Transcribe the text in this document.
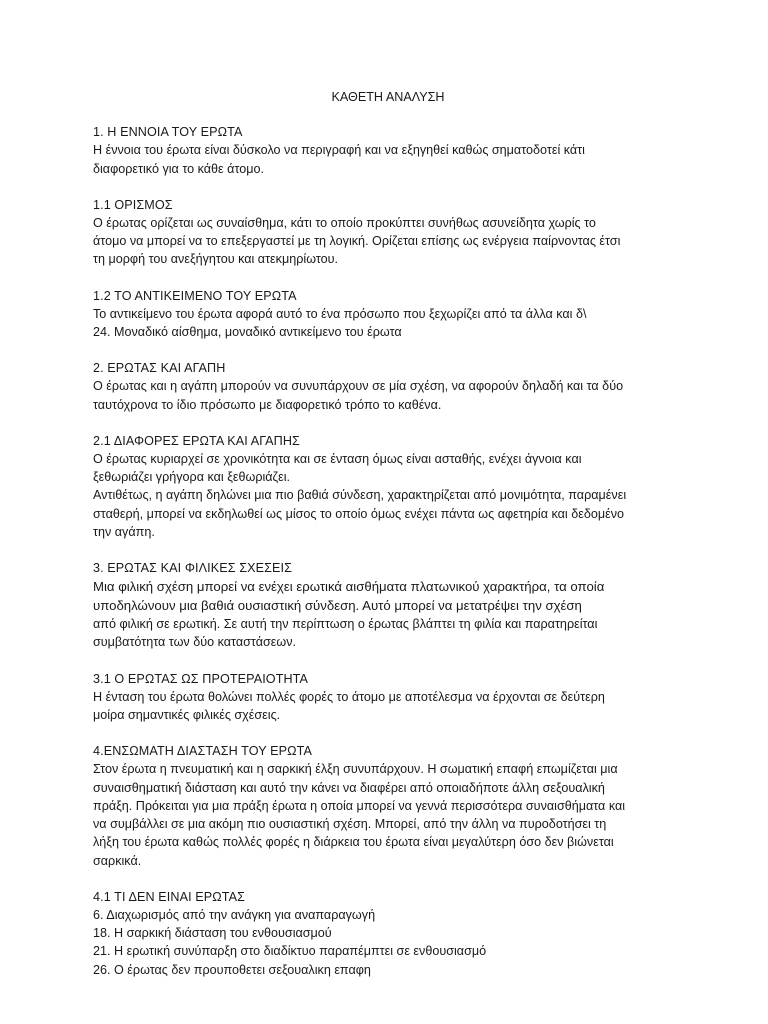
ΚΑΘΕΤΗ ΑΝΑΛΥΣΗ
1. Η ΕΝΝΟΙΑ ΤΟΥ ΕΡΩΤΑ

Η έννοια του έρωτα είναι δύσκολο να περιγραφή και να εξηγηθεί καθώς σηματοδοτεί κάτι
διαφορετικό για το κάθε άτομο.

1.1 ΟΡΙΣΜΟΣ

Ο έρωτας ορίζεται ως συναίσθημα, κάτι το οποίο προκύπτει συνήθως ασυνείδητα χωρίς το
άτομο να μπορεί να το επεξεργαστεί με τη λογική. Ορίζεται επίσης ως ενέργεια παίρνοντας έτσι
τη μορφή του ανεξήγητου και ατεκμηρίωτου.

1.2 ΤΟ ΑΝΤΙΚΕΙΜΕΝΟ ΤΟΥ ΕΡΩΤΑ

Το αντικείμενο του έρωτα αφορά αυτό το ένα πρόσωπο που ξεχωρίζει από τα άλλα και δ\
24. Μοναδικό αίσθημα, μοναδικό αντικείμενο του έρωτα

2. ΕΡΩΤΑΣ ΚΑΙ ΑΓΑΠΗ

Ο έρωτας και η αγάπη μπορούν να συνυπάρχουν σε μία σχέση, να αφορούν δηλαδή και τα δύο
ταυτόχρονα το ίδιο πρόσωπο με διαφορετικό τρόπο το καθένα.

2.1 ΔΙΑΦΟΡΕΣ ΕΡΩΤΑ ΚΑΙ ΑΓΑΠΗΣ

Ο έρωτας κυριαρχεί σε χρονικότητα και σε ένταση όμως είναι ασταθής, ενέχει άγνοια και
ξεθωριάζει γρήγορα και ξεθωριάζει.
Αντιθέτως, η αγάπη δηλώνει μια πιο βαθιά σύνδεση, χαρακτηρίζεται από μονιμότητα, παραμένει
σταθερή, μπορεί να εκδηλωθεί ως μίσος το οποίο όμως ενέχει πάντα ως αφετηρία και δεδομένο
την αγάπη.

3. ΕΡΩΤΑΣ ΚΑΙ ΦΙΛΙΚΕΣ ΣΧΕΣΕΙΣ

Μια φιλική σχέση μπορεί να ενέχει ερωτικά αισθήματα πλατωνικού χαρακτήρα, τα οποία
υποδηλώνουν μια βαθιά ουσιαστική σύνδεση. Αυτό μπορεί να μετατρέψει την σχέση

από φιλική σε ερωτική. Σε αυτή την περίπτωση ο έρωτας βλάπτει τη φιλία και παρατηρείται
συμβατότητα των δύο καταστάσεων.

3.1 Ο ΕΡΩΤΑΣ ΩΣ ΠΡΟΤΕΡΑΙΟΤΗΤΑ

Η ένταση του έρωτα θολώνει πολλές φορές το άτομο με αποτέλεσμα να έρχονται σε δεύτερη
μοίρα σημαντικές φιλικές σχέσεις.

4.ΕΝΣΩΜΑΤΗ ΔΙΑΣΤΑΣΗ ΤΟΥ ΕΡΩΤΑ

Στον έρωτα η πνευματική και η σαρκική έλξη συνυπάρχουν. Η σωματική επαφή επωμίζεται μια
συναισθηματική διάσταση και αυτό την κάνει να διαφέρει από οποιαδήποτε άλλη σεξουαλική
πράξη. Πρόκειται για μια πράξη έρωτα η οποία μπορεί να γεννά περισσότερα συναισθήματα και
να συμβάλλει σε μια ακόμη πιο ουσιαστική σχέση. Μπορεί, από την άλλη να πυροδοτήσει τη
λήξη του έρωτα καθώς πολλές φορές η διάρκεια του έρωτα είναι μεγαλύτερη όσο δεν βιώνεται
σαρκικά.

4.1 ΤΙ ΔΕΝ ΕΙΝΑΙ ΕΡΩΤΑΣ

6. Διαχωρισμός από την ανάγκη για αναπαραγωγή
18. Η σαρκική διάσταση του ενθουσιασμού
21. Η ερωτική συνύπαρξη στο διαδίκτυο παραπέμπτει σε ενθουσιασμό
26. Ο έρωτας δεν προυποθετει σεξουαλικη επαφη
